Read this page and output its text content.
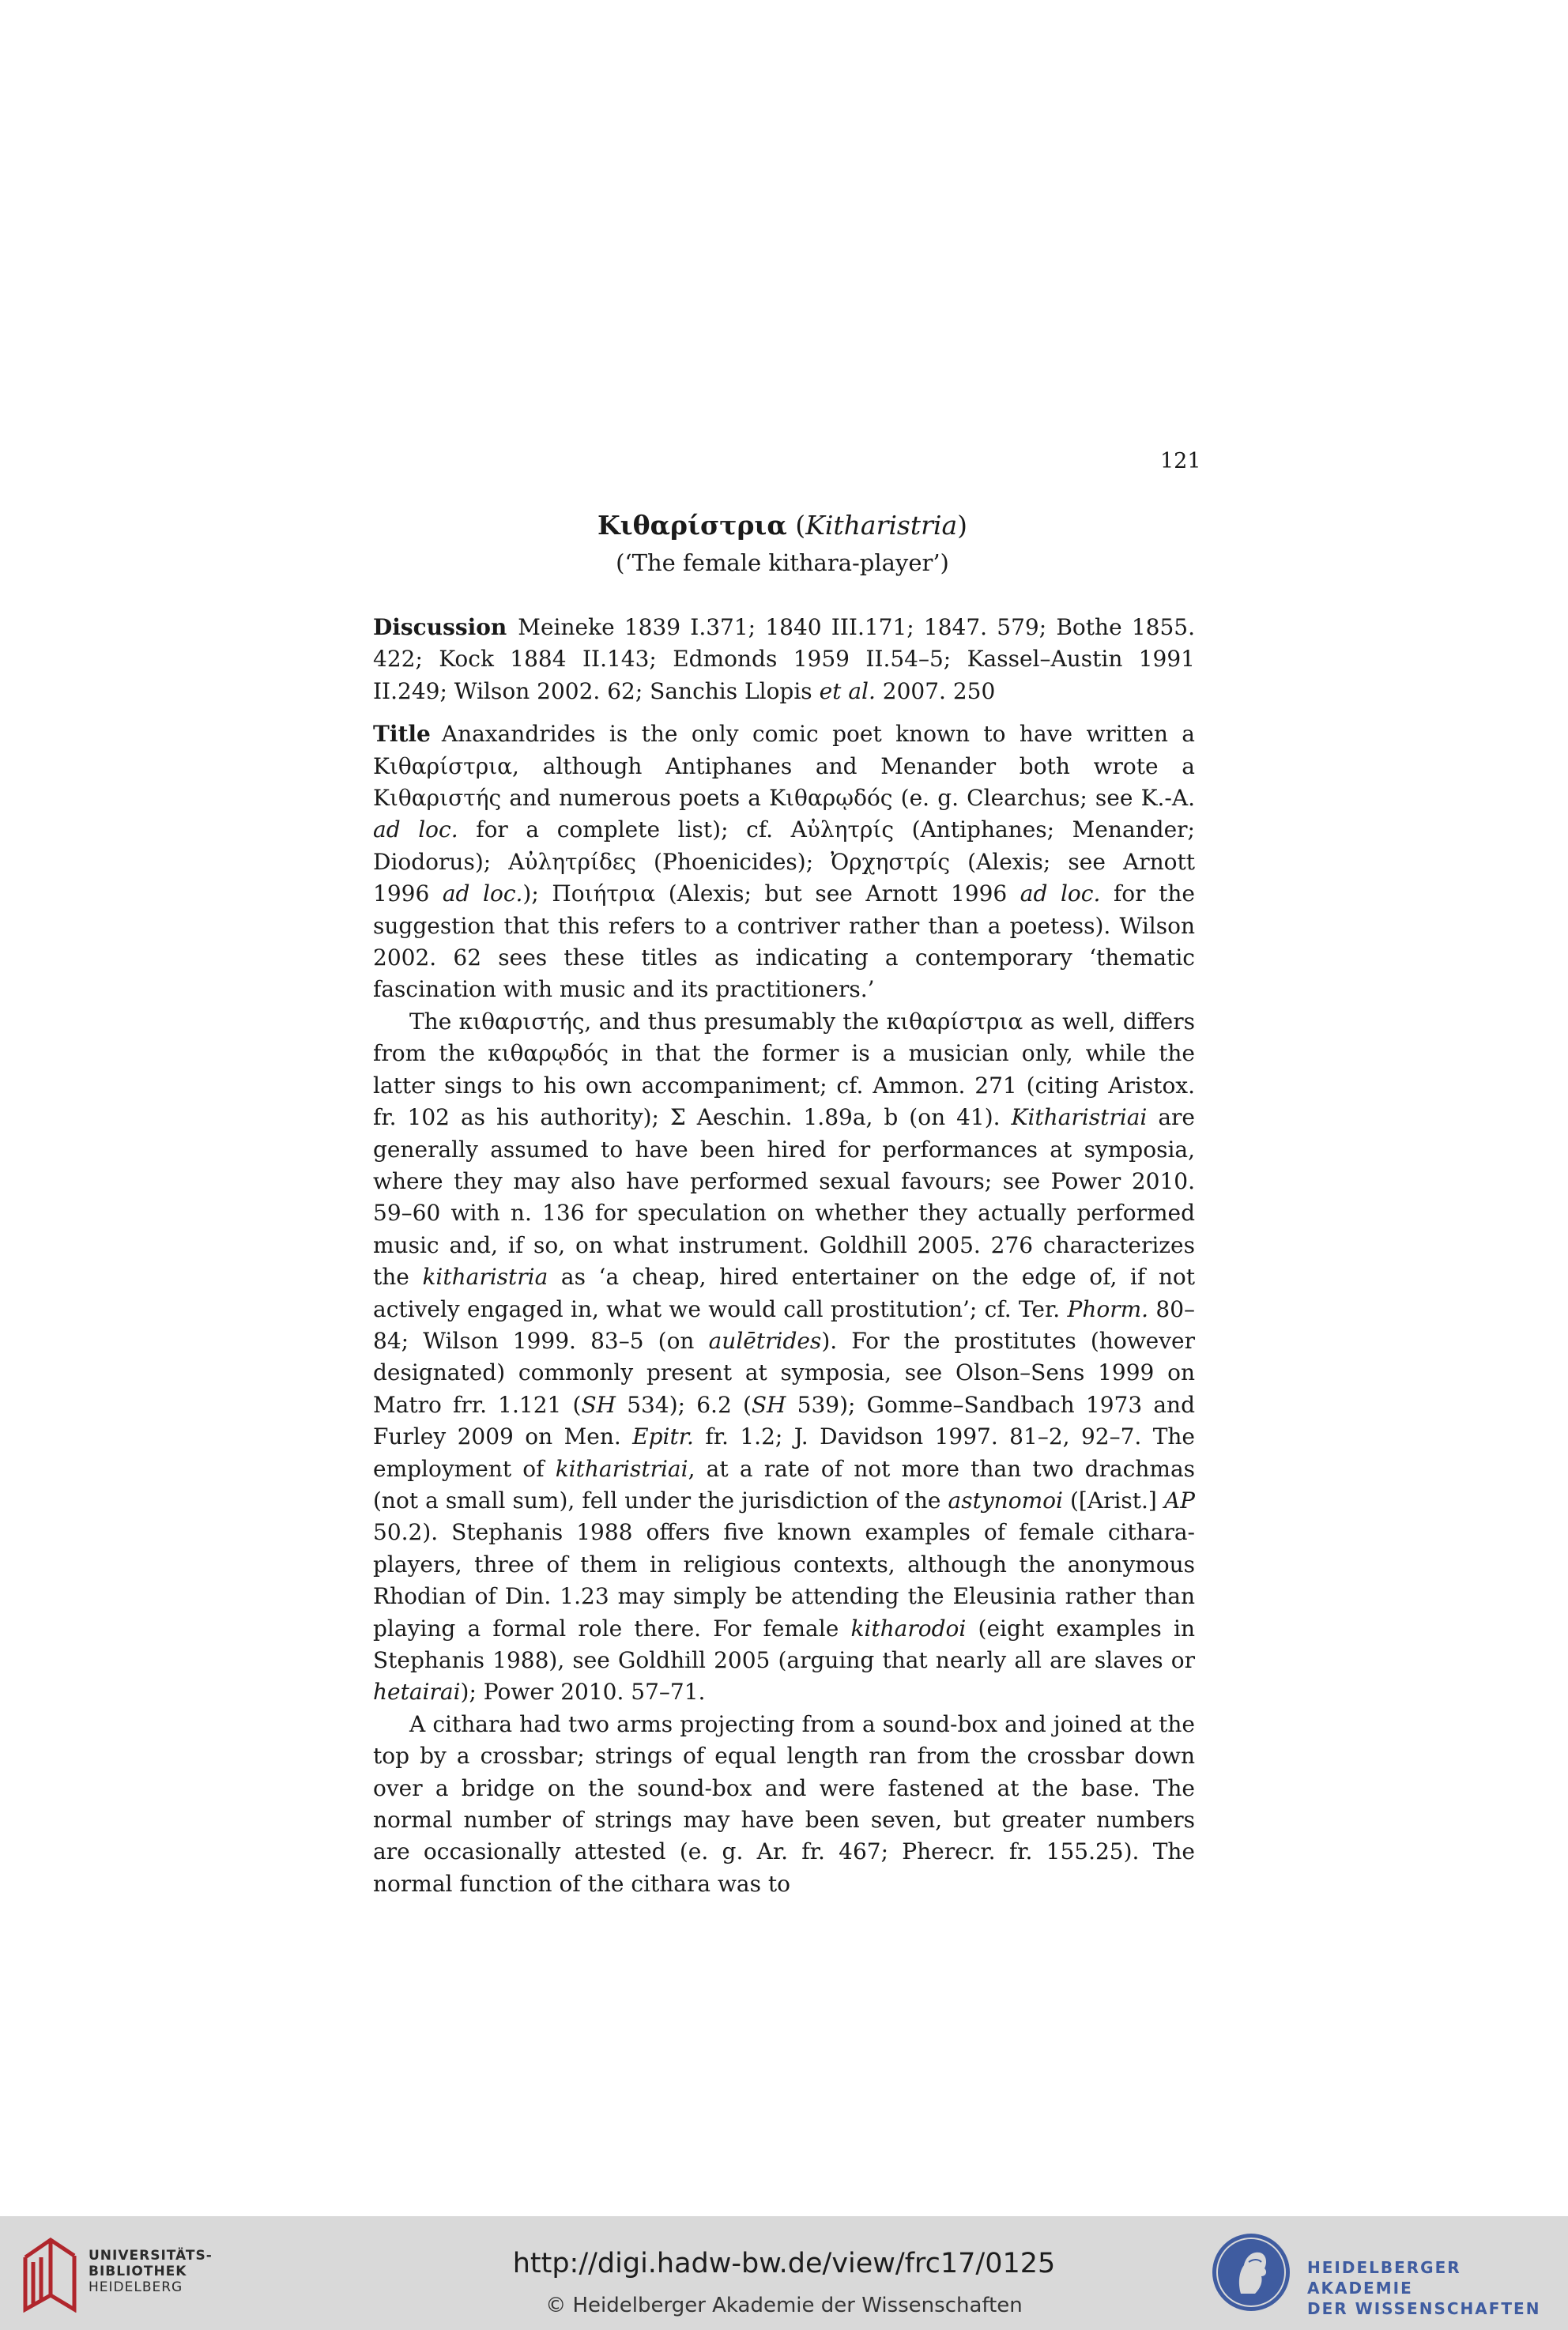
121

Κιθαρίστρια (Kitharistria)

(‘The female kithara-player’)

Discussion Meineke 1839 I.371; 1840 III.171; 1847. 579; Bothe 1855. 422; Kock 1884 II.143; Edmonds 1959 II.54–5; Kassel–Austin 1991 II.249; Wilson 2002. 62; Sanchis Llopis et al. 2007. 250

Title Anaxandrides is the only comic poet known to have written a Κιθαρίστρια, although Antiphanes and Menander both wrote a Κιθαριστής and numerous poets a Κιθαρῳδός (e. g. Clearchus; see K.-A. ad loc. for a complete list); cf. Αὐλητρίς (Antiphanes; Menander; Diodorus); Αὐλητρίδες (Phoenicides); Ὀρχηστρίς (Alexis; see Arnott 1996 ad loc.); Ποιήτρια (Alexis; but see Arnott 1996 ad loc. for the suggestion that this refers to a contriver rather than a poetess). Wilson 2002. 62 sees these titles as indicating a contemporary ‘thematic fascination with music and its practitioners.’

The κιθαριστής, and thus presumably the κιθαρίστρια as well, differs from the κιθαρῳδός in that the former is a musician only, while the latter sings to his own accompaniment; cf. Ammon. 271 (citing Aristox. fr. 102 as his authority); Σ Aeschin. 1.89a, b (on 41). Kitharistriai are generally assumed to have been hired for performances at symposia, where they may also have performed sexual favours; see Power 2010. 59–60 with n. 136 for speculation on whether they actually performed music and, if so, on what instrument. Goldhill 2005. 276 characterizes the kitharistria as ‘a cheap, hired entertainer on the edge of, if not actively engaged in, what we would call prostitution’; cf. Ter. Phorm. 80–84; Wilson 1999. 83–5 (on aulētrides). For the prostitutes (however designated) commonly present at symposia, see Olson–Sens 1999 on Matro frr. 1.121 (SH 534); 6.2 (SH 539); Gomme–Sandbach 1973 and Furley 2009 on Men. Epitr. fr. 1.2; J. Davidson 1997. 81–2, 92–7. The employment of kitharistriai, at a rate of not more than two drachmas (not a small sum), fell under the jurisdiction of the astynomoi ([Arist.] AP 50.2). Stephanis 1988 offers five known examples of female cithara-players, three of them in religious contexts, although the anonymous Rhodian of Din. 1.23 may simply be attending the Eleusinia rather than playing a formal role there. For female kitharodoi (eight examples in Stephanis 1988), see Goldhill 2005 (arguing that nearly all are slaves or hetairai); Power 2010. 57–71.

A cithara had two arms projecting from a sound-box and joined at the top by a crossbar; strings of equal length ran from the crossbar down over a bridge on the sound-box and were fastened at the base. The normal number of strings may have been seven, but greater numbers are occasionally attested (e. g. Ar. fr. 467; Pherecr. fr. 155.25). The normal function of the cithara was to

UNIVERSITÄTS-
BIBLIOTHEK
HEIDELBERG
http://digi.hadw-bw.de/view/frc17/0125
© Heidelberger Akademie der Wissenschaften
HEIDELBERGER AKADEMIE
DER WISSENSCHAFTEN
